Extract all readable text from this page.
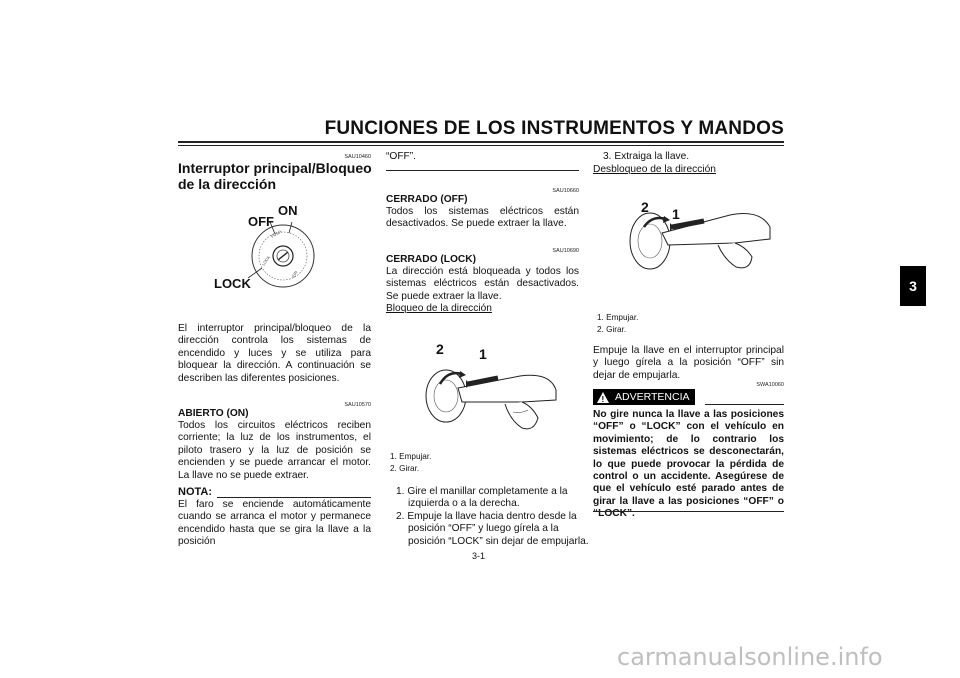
FUNCIONES DE LOS INSTRUMENTOS Y MANDOS
3
SAU10460
Interruptor principal/Bloqueo de la dirección
LOCK
PUSH
IGN
ON
OFF
LOCK
El interruptor principal/bloqueo de la dirección controla los sistemas de encendido y luces y se utiliza para bloquear la dirección. A continuación se describen las diferentes posiciones.
SAU10570
ABIERTO (ON)
Todos los circuitos eléctricos reciben corriente; la luz de los instrumentos, el piloto trasero y la luz de posición se encienden y se puede arrancar el motor. La llave no se puede extraer.
NOTA:
El faro se enciende automáticamente cuando se arranca el motor y permanece encendido hasta que se gira la llave a la posición
“OFF”.
SAU10660
CERRADO (OFF)
Todos los sistemas eléctricos están desactivados. Se puede extraer la llave.
SAU10690
CERRADO (LOCK)
La dirección está bloqueada y todos los sistemas eléctricos están desactivados. Se puede extraer la llave.
Bloqueo de la dirección
2	1
1. Empujar.
2. Girar.
1. Gire el manillar completamente a la izquierda o a la derecha.
2. Empuje la llave hacia dentro desde la posición “OFF” y luego gírela a la posición “LOCK” sin dejar de empujarla.
3. Extraiga la llave.
Desbloqueo de la dirección
2 1
1. Empujar.
2. Girar.
Empuje la llave en el interruptor principal y luego gírela a la posición “OFF” sin dejar de empujarla.
SWA10060
! ADVERTENCIA
No gire nunca la llave a las posiciones “OFF” o “LOCK” con el vehículo en movimiento; de lo contrario los sistemas eléctricos se desconectarán, lo que puede provocar la pérdida de control o un accidente. Asegúrese de que el vehículo esté parado antes de girar la llave a las posiciones “OFF” o “LOCK”.
3-1
carmanualsonline.info
